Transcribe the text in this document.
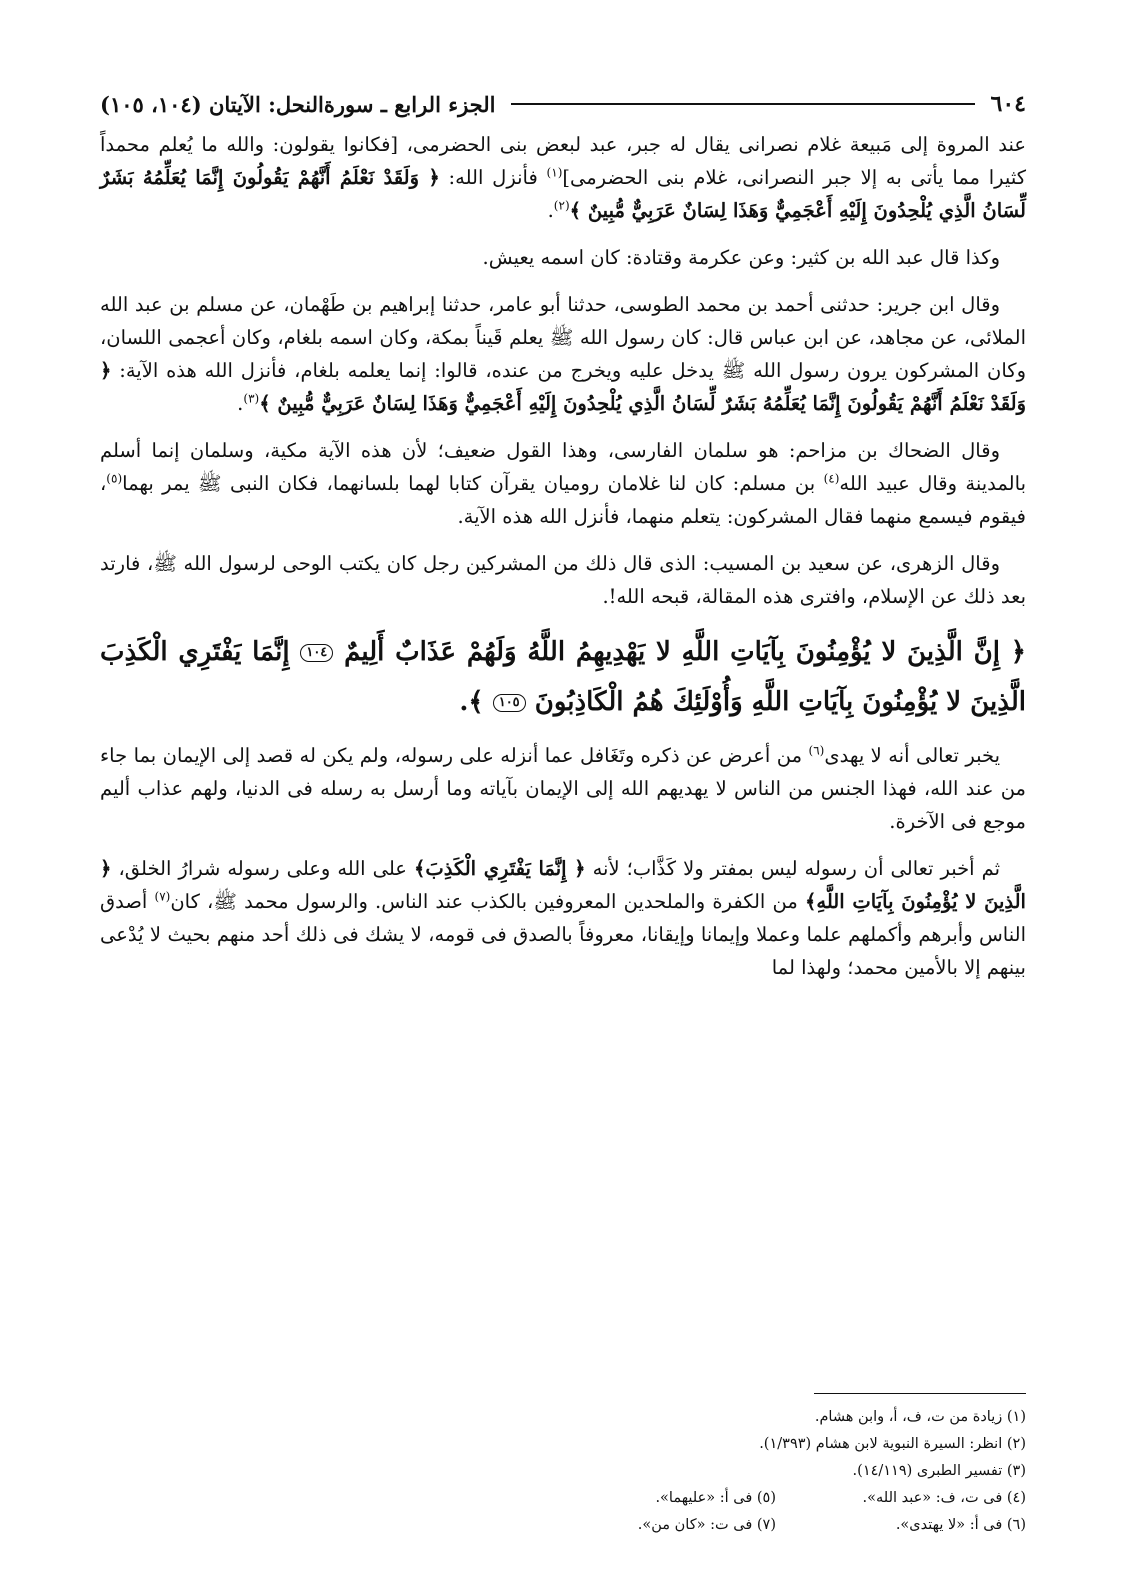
٦٠٤
الجزء الرابع ـ سورةالنحل: الآيتان (١٠٤، ١٠٥)

عند المروة إلى مَبيعة غلام نصرانى يقال له جبر، عبد لبعض بنى الحضرمى، [فكانوا يقولون: والله ما يُعلم محمداً كثيرا مما يأتى به إلا جبر النصرانى، غلام بنى الحضرمى]$^{(١)}$ فأنزل الله: ﴿ وَلَقَدْ نَعْلَمُ أَنَّهُمْ يَقُولُونَ إِنَّمَا يُعَلِّمُهُ بَشَرٌ لِّسَانُ الَّذِي يُلْحِدُونَ إِلَيْهِ أَعْجَمِيٌّ وَهَذَا لِسَانٌ عَرَبِيٌّ مُّبِينٌ ﴾$^{(٢)}$.

وكذا قال عبد الله بن كثير: وعن عكرمة وقتادة: كان اسمه يعيش.

وقال ابن جرير: حدثنى أحمد بن محمد الطوسى، حدثنا أبو عامر، حدثنا إبراهيم بن طَهْمان، عن مسلم بن عبد الله الملائى، عن مجاهد، عن ابن عباس قال: كان رسول الله ﷺ يعلم قَيناً بمكة، وكان اسمه بلغام، وكان أعجمى اللسان، وكان المشركون يرون رسول الله ﷺ يدخل عليه ويخرج من عنده، قالوا: إنما يعلمه بلغام، فأنزل الله هذه الآية: ﴿ وَلَقَدْ نَعْلَمُ أَنَّهُمْ يَقُولُونَ إِنَّمَا يُعَلِّمُهُ بَشَرٌ لِّسَانُ الَّذِي يُلْحِدُونَ إِلَيْهِ أَعْجَمِيٌّ وَهَذَا لِسَانٌ عَرَبِيٌّ مُّبِينٌ ﴾$^{(٣)}$.

وقال الضحاك بن مزاحم: هو سلمان الفارسى، وهذا القول ضعيف؛ لأن هذه الآية مكية، وسلمان إنما أسلم بالمدينة وقال عبيد الله$^{(٤)}$ بن مسلم: كان لنا غلامان روميان يقرآن كتابا لهما بلسانهما، فكان النبى ﷺ يمر بهما$^{(٥)}$، فيقوم فيسمع منهما فقال المشركون: يتعلم منهما، فأنزل الله هذه الآية.

وقال الزهرى، عن سعيد بن المسيب: الذى قال ذلك من المشركين رجل كان يكتب الوحى لرسول الله ﷺ، فارتد بعد ذلك عن الإسلام، وافترى هذه المقالة، قبحه الله!.

﴿ إِنَّ الَّذِينَ لا يُؤْمِنُونَ بِآيَاتِ اللَّهِ لا يَهْدِيهِمُ اللَّهُ وَلَهُمْ عَذَابٌ أَلِيمٌ ١٠٤ إِنَّمَا يَفْتَرِي الْكَذِبَ الَّذِينَ لا يُؤْمِنُونَ بِآيَاتِ اللَّهِ وَأُوْلَئِكَ هُمُ الْكَاذِبُونَ ١٠٥ ﴾.

يخبر تعالى أنه لا يهدى$^{(٦)}$ من أعرض عن ذكره وتَغَافل عما أنزله على رسوله، ولم يكن له قصد إلى الإيمان بما جاء من عند الله، فهذا الجنس من الناس لا يهديهم الله إلى الإيمان بآياته وما أرسل به رسله فى الدنيا، ولهم عذاب أليم موجع فى الآخرة.

ثم أخبر تعالى أن رسوله ليس بمفتر ولا كَذَّاب؛ لأنه ﴿ إِنَّمَا يَفْتَرِي الْكَذِبَ﴾ على الله وعلى رسوله شرارُ الخلق، ﴿ الَّذِينَ لا يُؤْمِنُونَ بِآيَاتِ اللَّهِ﴾ من الكفرة والملحدين المعروفين بالكذب عند الناس. والرسول محمد ﷺ، كان$^{(٧)}$ أصدق الناس وأبرهم وأكملهم علما وعملا وإيمانا وإيقانا، معروفاً بالصدق فى قومه، لا يشك فى ذلك أحد منهم بحيث لا يُدْعى بينهم إلا بالأمين محمد؛ ولهذا لما

(١) زيادة من ت، ف، أ، وابن هشام.
(٢) انظر: السيرة النبوية لابن هشام (١/٣٩٣).
(٣) تفسير الطبرى (١٤/١١٩).
(٤) فى ت، ف: «عبد الله».
(٥) فى أ: «عليهما».
(٦) فى أ: «لا يهتدى».
(٧) فى ت: «كان من».
